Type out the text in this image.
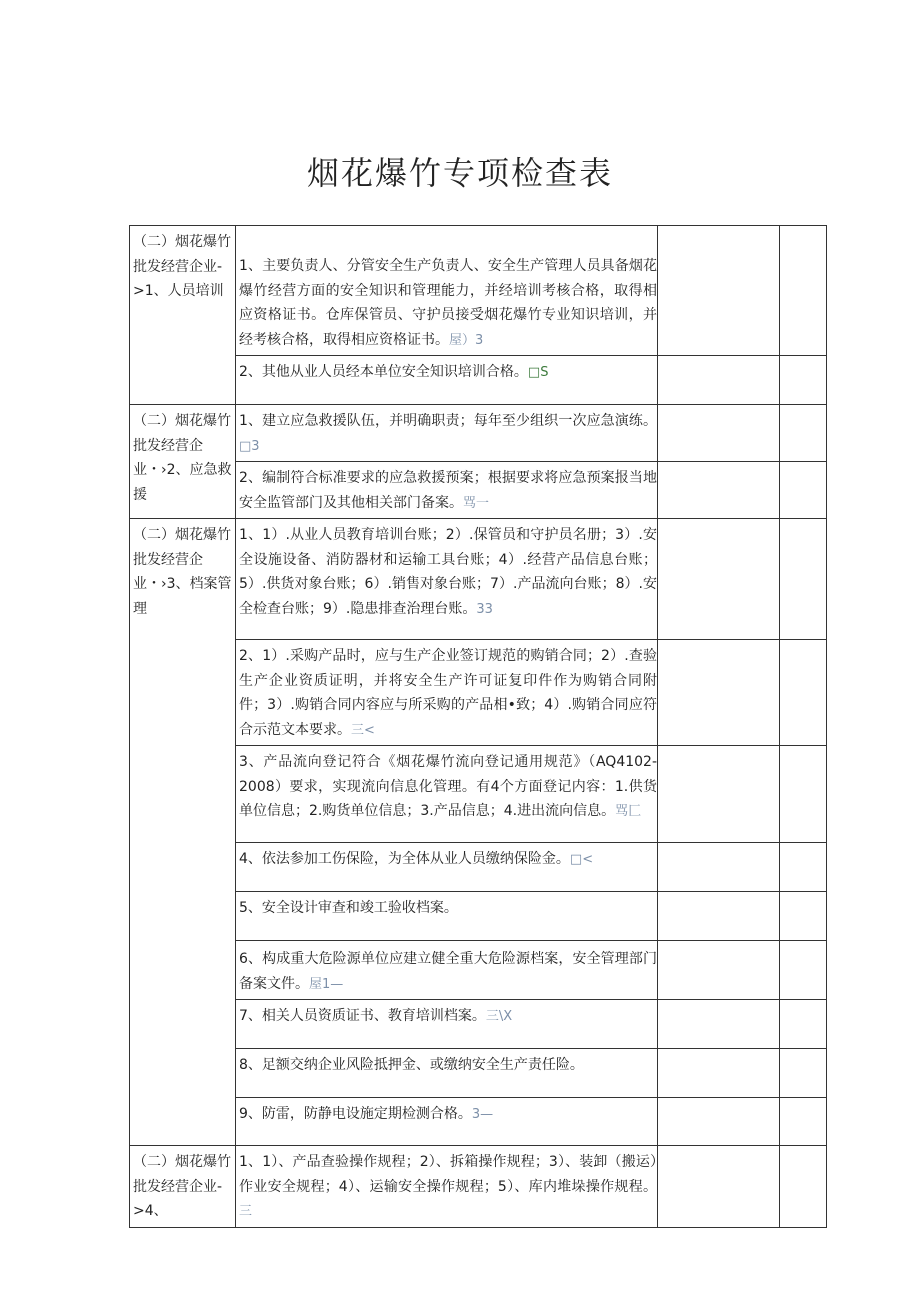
烟花爆竹专项检查表
（二）烟花爆竹批发经营企业->1、人员培训	1、主要负责人、分管安全生产负责人、安全生产管理人员具备烟花爆竹经营方面的安全知识和管理能力，并经培训考核合格，取得相应资格证书。仓库保管员、守护员接受烟花爆竹专业知识培训，并经考核合格，取得相应资格证书。屋）3		
	2、其他从业人员经本单位安全知识培训合格。□S		

（二）烟花爆竹批发经营企业・›2、应急救援	1、建立应急救援队伍，并明确职责；每年至少组织一次应急演练。□3		
	2、编制符合标准要求的应急救援预案；根据要求将应急预案报当地安全监管部门及其他相关部门备案。骂一		

（二）烟花爆竹批发经营企业・›3、档案管理	1、1）.从业人员教育培训台账；2）.保管员和守护员名册；3）.安全设施设备、消防器材和运输工具台账；4）.经营产品信息台账；5）.供货对象台账；6）.销售对象台账；7）.产品流向台账；8）.安全检查台账；9）.隐患排查治理台账。33		
	2、1）.采购产品时，应与生产企业签订规范的购销合同；2）.查验生产企业资质证明，并将安全生产许可证复印件作为购销合同附件；3）.购销合同内容应与所采购的产品相•致；4）.购销合同应符合示范文本要求。三<		
	3、产品流向登记符合《烟花爆竹流向登记通用规范》（AQ4102-2008）要求，实现流向信息化管理。有4个方面登记内容：1.供货单位信息；2.购货单位信息；3.产品信息；4.进出流向信息。骂匚		
	4、依法参加工伤保险，为全体从业人员缴纳保险金。□<		
	5、安全设计审查和竣工验收档案。		
	6、构成重大危险源单位应建立健全重大危险源档案，安全管理部门备案文件。屋1—		
	7、相关人员资质证书、教育培训档案。三\X		
	8、足额交纳企业风险抵押金、或缴纳安全生产责任险。		
	9、防雷，防静电设施定期检测合格。3—		

（二）烟花爆竹批发经营企业->4、	1、1）、产品查验操作规程；2）、拆箱操作规程；3）、装卸（搬运）作业安全规程；4）、运输安全操作规程；5）、库内堆垛操作规程。三		
